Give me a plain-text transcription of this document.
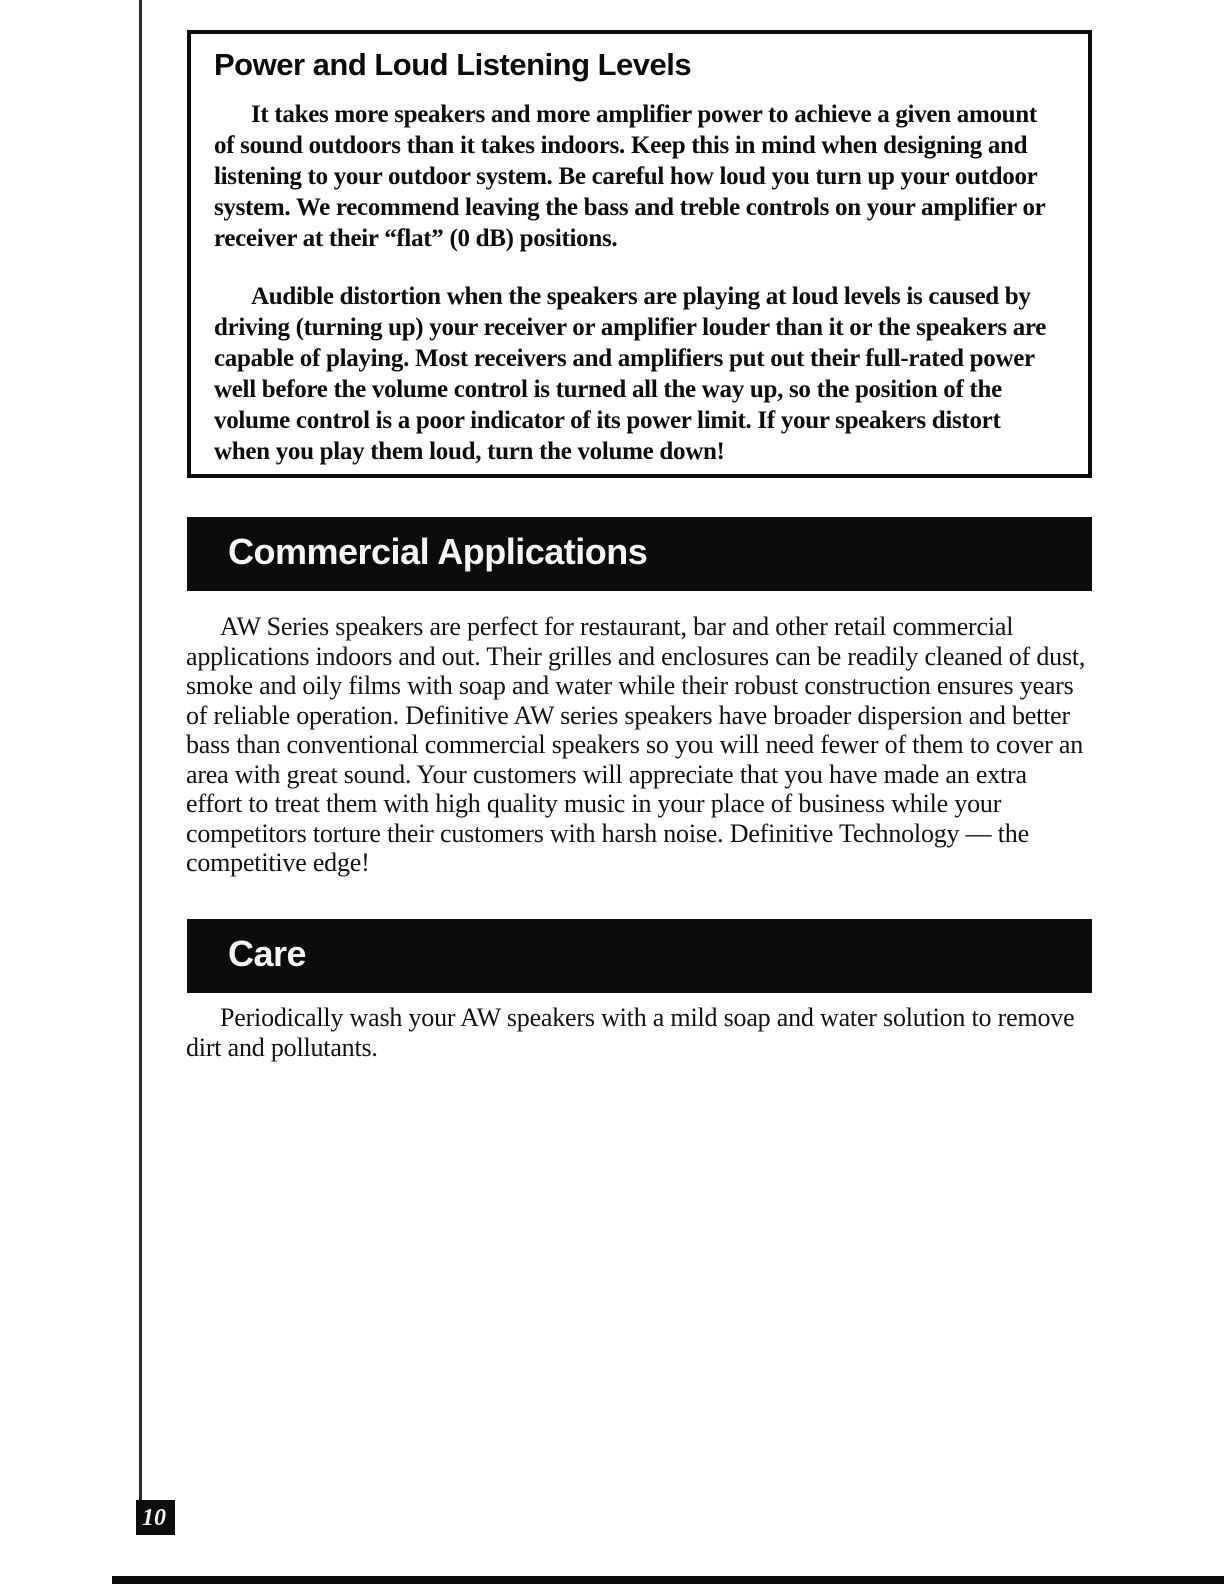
Power and Loud Listening Levels

It takes more speakers and more amplifier power to achieve a given amount of sound outdoors than it takes indoors. Keep this in mind when designing and listening to your outdoor system. Be careful how loud you turn up your outdoor system. We recommend leaving the bass and treble controls on your amplifier or receiver at their “flat” (0 dB) positions.

Audible distortion when the speakers are playing at loud levels is caused by driving (turning up) your receiver or amplifier louder than it or the speakers are capable of playing. Most receivers and amplifiers put out their full-rated power well before the volume control is turned all the way up, so the position of the volume control is a poor indicator of its power limit. If your speakers distort when you play them loud, turn the volume down!

Commercial Applications

AW Series speakers are perfect for restaurant, bar and other retail commercial applications indoors and out. Their grilles and enclosures can be readily cleaned of dust, smoke and oily films with soap and water while their robust construction ensures years of reliable operation. Definitive AW series speakers have broader dispersion and better bass than conventional commercial speakers so you will need fewer of them to cover an area with great sound. Your customers will appreciate that you have made an extra effort to treat them with high quality music in your place of business while your competitors torture their customers with harsh noise. Definitive Technology — the competitive edge!

Care

Periodically wash your AW speakers with a mild soap and water solution to remove dirt and pollutants.

10
